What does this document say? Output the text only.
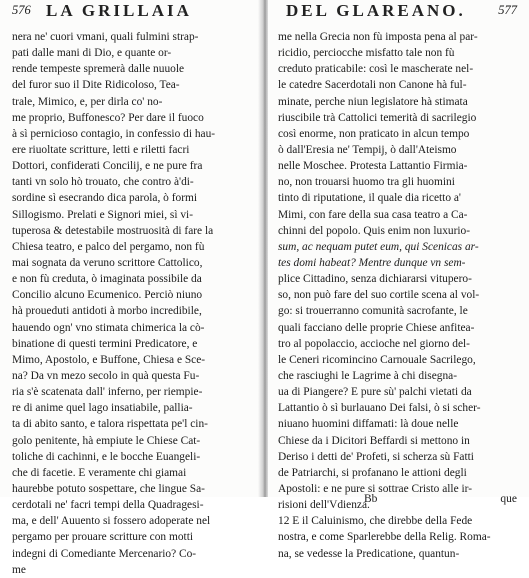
576 LA GRILLAIA
nera ne' cuori vmani, quali fulmini strap-
pati dalle mani di Dio, e quante or-
rende tempeste spremerà dalle nuuole
del furor suo il Dite Ridicoloso, Tea-
trale, Mimico, e, per dirla co' no-
me proprio, Buffonesco? Per dare il fuoco
à sì pernicioso contagio, in confessio di hau-
ere riuoltate scritture, letti e riletti facri
Dottori, confiderati Concilij, e ne pure fra
tanti vn solo hò trouato, che contro à'di-
sordine sì esecrando dica parola, ò formi
Sillogismo. Prelati e Signori miei, sì vi-
tuperosa & detestabile mostruosità di fare la
Chiesa teatro, e palco del pergamo, non fù
mai sognata da veruno scrittore Cattolico,
e non fù creduta, ò imaginata possibile da
Concilio alcuno Ecumenico. Perciò niuno
hà proueduti antidoti à morbo incredibile,
hauendo ogn' vno stimata chimerica la cò-
binatione di questi termini Predicatore, e
Mimo, Apostolo, e Buffone, Chiesa e Sce-
na? Da vn mezo secolo in quà questa Fu-
ria s'è scatenata dall' inferno, per riempie-
re di anime quel lago insatiabile, pallia-
ta di abito santo, e talora rispettata pe'l cin-
golo penitente, hà empiute le Chiese Cat-
toliche di cachinni, e le bocche Euangeli-
che di facetie. E veramente chi giamai
haurebbe potuto sospettare, che lingue Sa-
cerdotali ne' facri tempi della Quadragesi-
ma, e dell' Auuento si fossero adoperate nel
pergamo per prouare scritture con motti
indegni di Comediante Mercenario? Co-
me
DEL GLAREANO.	577
me nella Grecia non fù imposta pena al par-
ricidio, perciocche misfatto tale non fù
creduto praticabile: così le mascherate nel-
le catedre Sacerdotali non Canone hà ful-
minate, perche niun legislatore hà stimata
riuscibile trà Cattolici temerità di sacrilegio
così enorme, non praticato in alcun tempo
ò dall'Eresia ne' Tempij, ò dall'Ateismo
nelle Moschee. Protesta Lattantio Firmia-
no, non trouarsi huomo tra gli huomini
tinto di riputatione, il quale dia ricetto a'
Mimi, con fare della sua casa teatro a Ca-
chinni del popolo. Quis enim non luxurio-
sum, ac nequam putet eum, qui Scenicas ar-
tes domi habeat? Mentre dunque vn sem-
plice Cittadino, senza dichiararsi vitupero-
so, non può fare del suo cortile scena al vol-
go: si trouerranno comunità sacrofante, le
quali facciano delle proprie Chiese anfitea-
tro al popolaccio, accioche nel giorno del-
le Ceneri ricomincino Carnouale Sacrilego,
che rasciughi le Lagrime à chi disegna-
ua di Piangere? E pure sù' palchi vietati da
Lattantio ò sì burlauano Dei falsi, ò si scher-
niuano huomini diffamati: là doue nelle
Chiese da i Dicitori Beffardi si mettono in
Deriso i detti de' Profeti, si scherza sù Fatti
de Patriarchi, si profanano le attioni degli
Apostoli: e ne pure si sottrae Cristo alle ir-
risioni dell'Vdienza.
12 E il Caluinismo, che direbbe della Fede
nostra, e come Sparlerebbe della Relig. Roma-
na, se vedesse la Predicatione, quantun-
Bb	que
